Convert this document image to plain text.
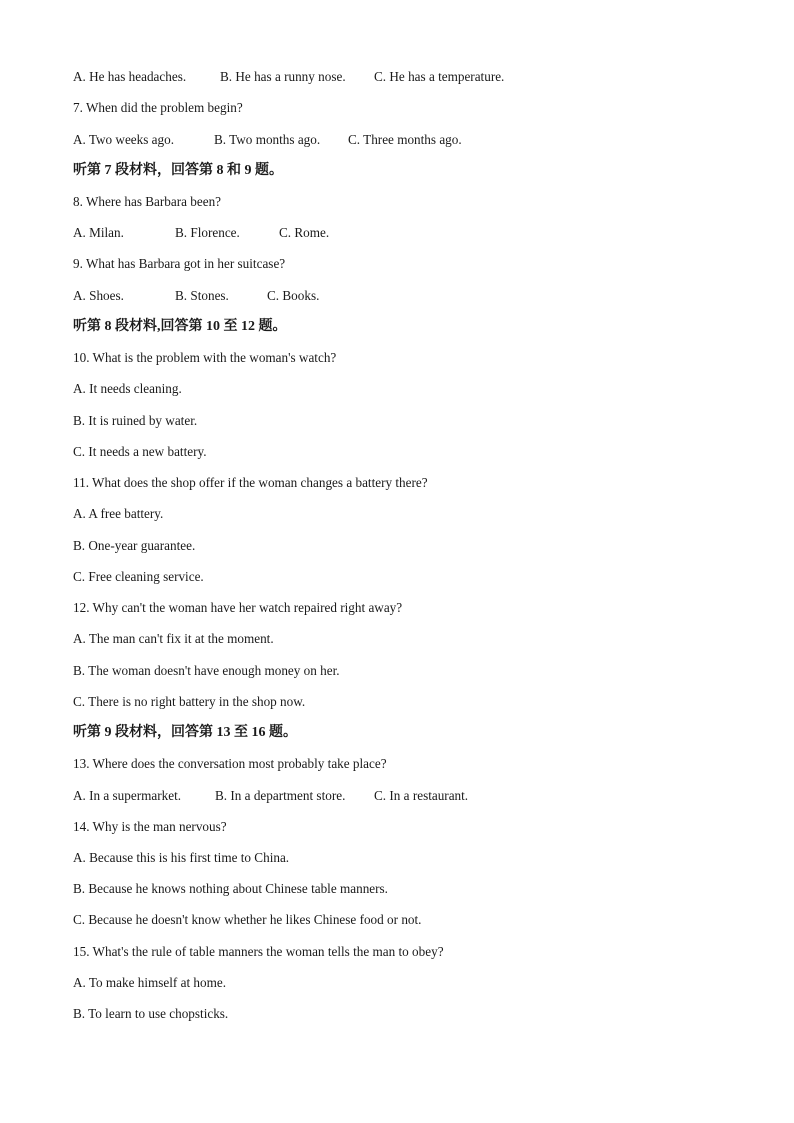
A. He has headaches.	B. He has a runny nose. C. He has a temperature.
7. When did the problem begin?
A. Two weeks ago.	B. Two months ago. C. Three months ago.
听第 7 段材料，回答第 8 和 9 题。
8. Where has Barbara been?
A. Milan.	B. Florence.	C. Rome.
9. What has Barbara got in her suitcase?
A. Shoes.	B. Stones.	C. Books.
听第 8 段材料,回答第 10 至 12 题。
10. What is the problem with the woman's watch?
A. It needs cleaning.
B. It is ruined by water.
C. It needs a new battery.
11. What does the shop offer if the woman changes a battery there?
A. A free battery.
B. One-year guarantee.
C. Free cleaning service.
12. Why can't the woman have her watch repaired right away?
A. The man can't fix it at the moment.
B. The woman doesn't have enough money on her.
C. There is no right battery in the shop now.
听第 9 段材料，回答第 13 至 16 题。
13. Where does the conversation most probably take place?
A. In a supermarket.	B. In a department store. C. In a restaurant.
14. Why is the man nervous?
A. Because this is his first time to China.
B. Because he knows nothing about Chinese table manners.
C. Because he doesn't know whether he likes Chinese food or not.
15. What's the rule of table manners the woman tells the man to obey?
A. To make himself at home.
B. To learn to use chopsticks.
